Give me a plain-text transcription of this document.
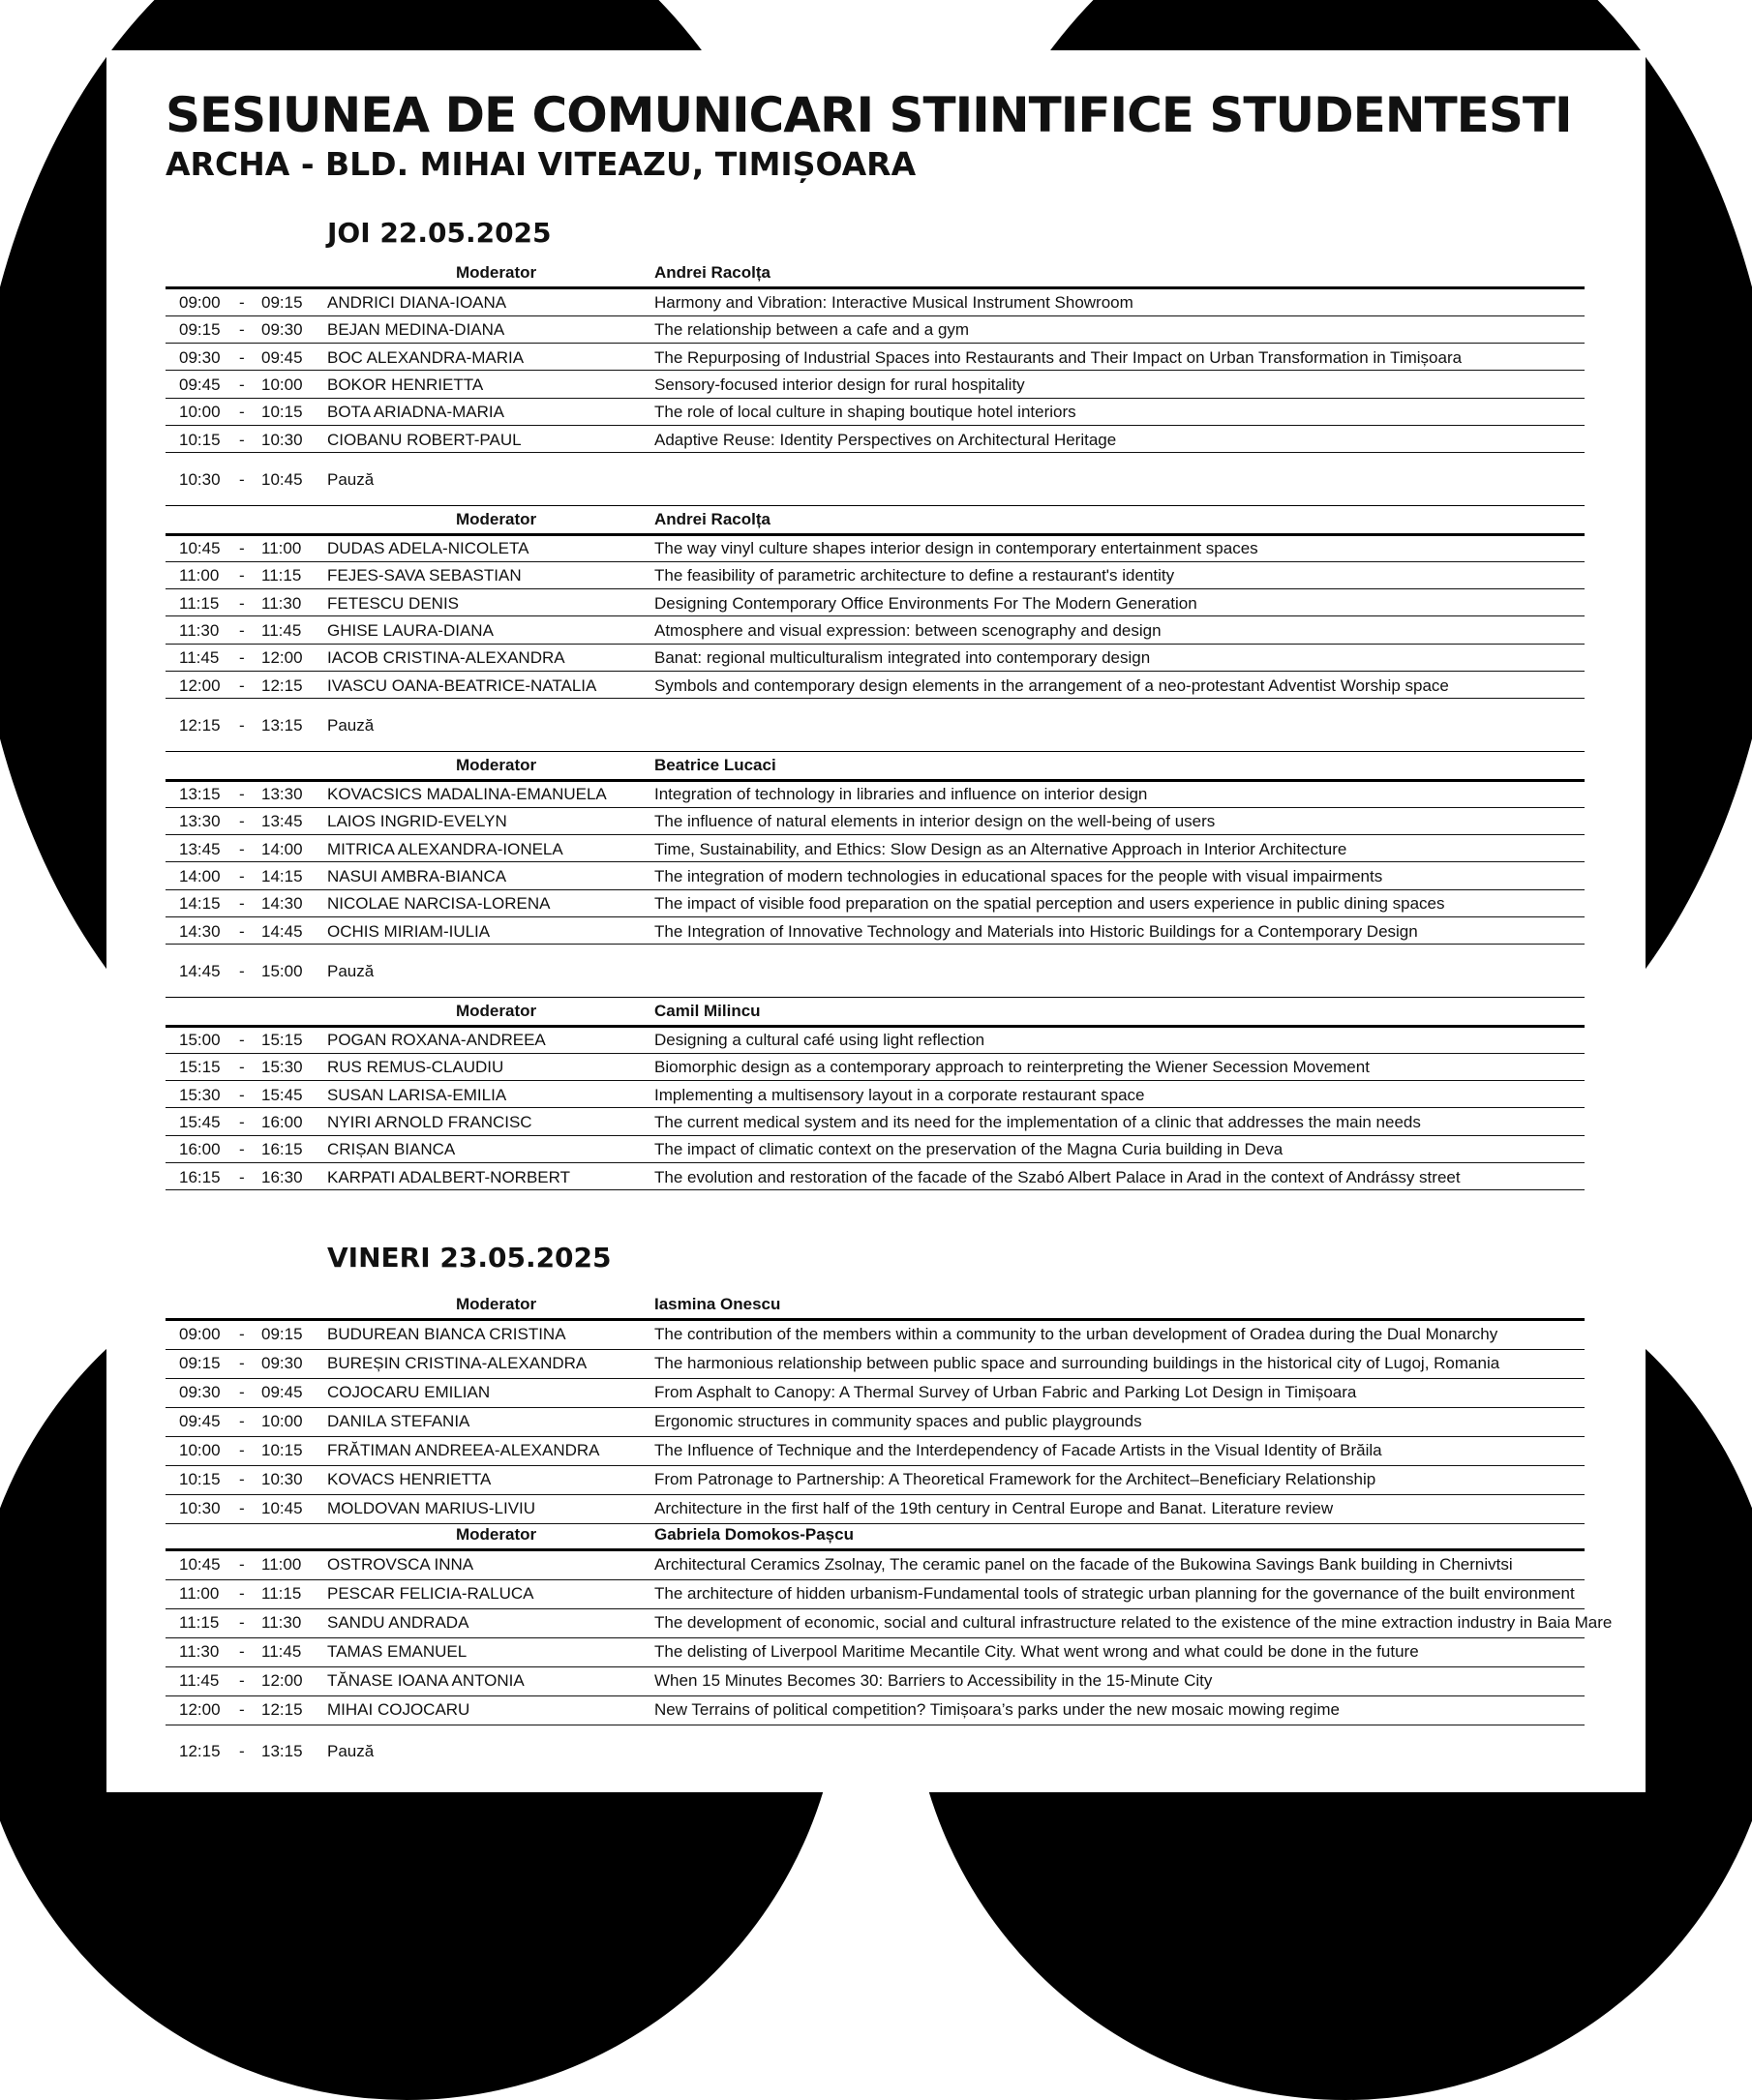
SESIUNEA DE COMUNICARI STIINTIFICE STUDENTESTI
ARCHA - BLD. MIHAI VITEAZU, TIMIȘOARA
JOI 22.05.2025
VINERI 23.05.2025
Moderator	Andrei Racolța
09:00 - 09:15 ANDRICI DIANA-IOANA	Harmony and Vibration: Interactive Musical Instrument Showroom
09:15 - 09:30 BEJAN MEDINA-DIANA	The relationship between a cafe and a gym
09:30 - 09:45 BOC ALEXANDRA-MARIA	The Repurposing of Industrial Spaces into Restaurants and Their Impact on Urban Transformation in Timișoara
09:45 - 10:00 BOKOR HENRIETTA	Sensory-focused interior design for rural hospitality
10:00 - 10:15 BOTA ARIADNA-MARIA	The role of local culture in shaping boutique hotel interiors
10:15 - 10:30 CIOBANU ROBERT-PAUL	Adaptive Reuse: Identity Perspectives on Architectural Heritage
10:30 - 10:45 Pauză
Moderator	Andrei Racolța
10:45 - 11:00 DUDAS ADELA-NICOLETA	The way vinyl culture shapes interior design in contemporary entertainment spaces
11:00 - 11:15 FEJES-SAVA SEBASTIAN	The feasibility of parametric architecture to define a restaurant's identity
11:15 - 11:30 FETESCU DENIS	Designing Contemporary Office Environments For The Modern Generation
11:30 - 11:45 GHISE LAURA-DIANA	Atmosphere and visual expression: between scenography and design
11:45 - 12:00 IACOB CRISTINA-ALEXANDRA	Banat: regional multiculturalism integrated into contemporary design
12:00 - 12:15 IVASCU OANA-BEATRICE-NATALIA	Symbols and contemporary design elements in the arrangement of a neo-protestant Adventist Worship space
12:15 - 13:15 Pauză
Moderator	Beatrice Lucaci
13:15 - 13:30 KOVACSICS MADALINA-EMANUELA	Integration of technology in libraries and influence on interior design
13:30 - 13:45 LAIOS INGRID-EVELYN	The influence of natural elements in interior design on the well-being of users
13:45 - 14:00 MITRICA ALEXANDRA-IONELA	Time, Sustainability, and Ethics: Slow Design as an Alternative Approach in Interior Architecture
14:00 - 14:15 NASUI AMBRA-BIANCA	The integration of modern technologies in educational spaces for the people with visual impairments
14:15 - 14:30 NICOLAE NARCISA-LORENA	The impact of visible food preparation on the spatial perception and users experience in public dining spaces
14:30 - 14:45 OCHIS MIRIAM-IULIA	The Integration of Innovative Technology and Materials into Historic Buildings for a Contemporary Design
14:45 - 15:00 Pauză
Moderator	Camil Milincu
15:00 - 15:15 POGAN ROXANA-ANDREEA	Designing a cultural café using light reflection
15:15 - 15:30 RUS REMUS-CLAUDIU	Biomorphic design as a contemporary approach to reinterpreting the Wiener Secession Movement
15:30 - 15:45 SUSAN LARISA-EMILIA	Implementing a multisensory layout in a corporate restaurant space
15:45 - 16:00 NYIRI ARNOLD FRANCISC	The current medical system and its need for the implementation of a clinic that addresses the main needs
16:00 - 16:15 CRIȘAN BIANCA	The impact of climatic context on the preservation of the Magna Curia building in Deva
16:15 - 16:30 KARPATI ADALBERT-NORBERT	The evolution and restoration of the facade of the Szabó Albert Palace in Arad in the context of Andrássy street
Moderator	Iasmina Onescu
09:00 - 09:15 BUDUREAN BIANCA CRISTINA	The contribution of the members within a community to the urban development of Oradea during the Dual Monarchy
09:15 - 09:30 BUREȘIN CRISTINA-ALEXANDRA	The harmonious relationship between public space and surrounding buildings in the historical city of Lugoj, Romania
09:30 - 09:45 COJOCARU EMILIAN	From Asphalt to Canopy: A Thermal Survey of Urban Fabric and Parking Lot Design in Timișoara
09:45 - 10:00 DANILA STEFANIA	Ergonomic structures in community spaces and public playgrounds
10:00 - 10:15 FRĂTIMAN ANDREEA-ALEXANDRA	The Influence of Technique and the Interdependency of Facade Artists in the Visual Identity of Brăila
10:15 - 10:30 KOVACS HENRIETTA	From Patronage to Partnership: A Theoretical Framework for the Architect–Beneficiary Relationship
10:30 - 10:45 MOLDOVAN MARIUS-LIVIU	Architecture in the first half of the 19th century in Central Europe and Banat. Literature review
Moderator	Gabriela Domokos-Pașcu
10:45 - 11:00 OSTROVSCA INNA	Architectural Ceramics Zsolnay, The ceramic panel on the facade of the Bukowina Savings Bank building in Chernivtsi
11:00 - 11:15 PESCAR FELICIA-RALUCA	The architecture of hidden urbanism-Fundamental tools of strategic urban planning for the governance of the built environment
11:15 - 11:30 SANDU ANDRADA	The development of economic, social and cultural infrastructure related to the existence of the mine extraction industry in Baia Mare
11:30 - 11:45 TAMAS EMANUEL	The delisting of Liverpool Maritime Mecantile City. What went wrong and what could be done in the future
11:45 - 12:00 TĂNASE IOANA ANTONIA	When 15 Minutes Becomes 30: Barriers to Accessibility in the 15-Minute City
12:00 - 12:15 MIHAI COJOCARU	New Terrains of political competition? Timișoara’s parks under the new mosaic mowing regime
12:15 - 13:15 Pauză
